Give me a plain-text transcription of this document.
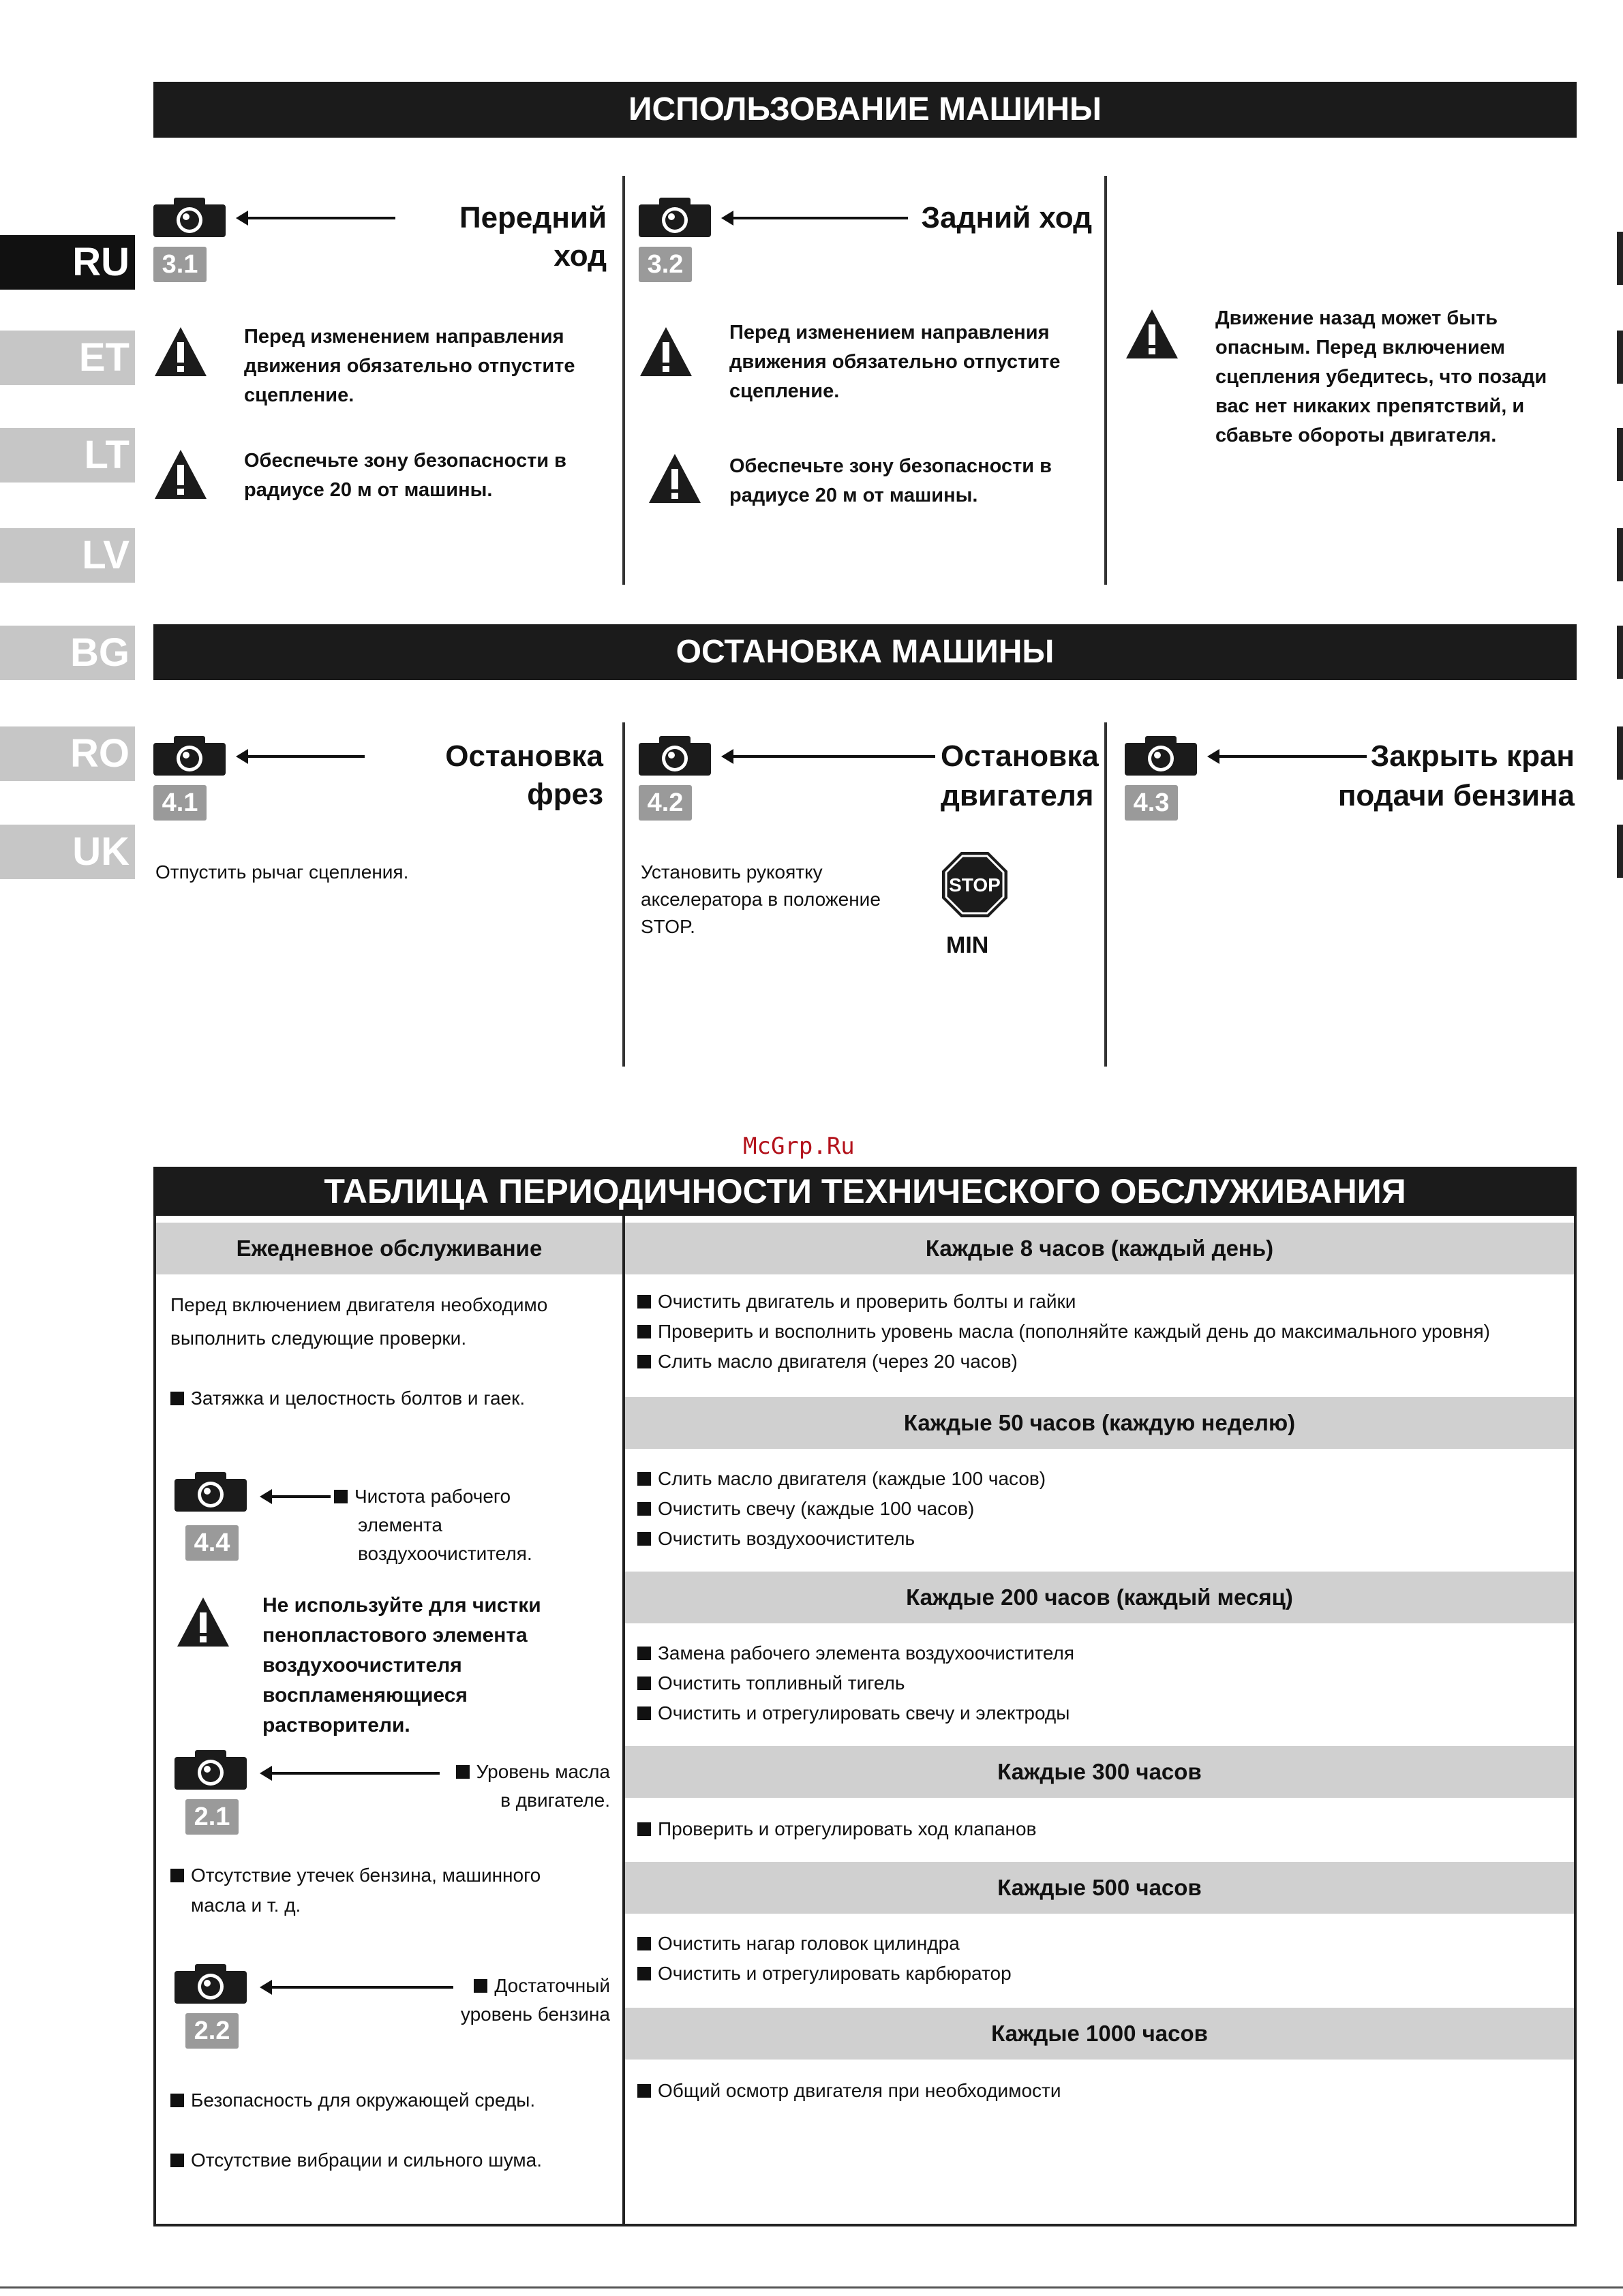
ИСПОЛЬЗОВАНИЕ МАШИНЫ
RU
ET
LT
LV
BG
RO
UK
3.1
Передний ход
Перед изменением направления движения обязательно отпустите сцепление.
Обеспечьте зону безопасности в радиусе 20 м от машины.
3.2
Задний ход
Перед изменением направления движения обязательно отпустите сцепление.
Обеспечьте зону безопасности в радиусе 20 м от машины.
Движение назад может быть опасным. Перед включением сцепления убедитесь, что позади вас нет никаких препятствий, и сбавьте обороты двигателя.
ОСТАНОВКА МАШИНЫ
4.1
Остановка фрез
Отпустить рычаг сцепления.
4.2
Остановка
двигателя
Установить рукоятку акселератора в положение STOP.
STOP
MIN
4.3
Закрыть кран
подачи бензина
McGrp.Ru
ТАБЛИЦА ПЕРИОДИЧНОСТИ ТЕХНИЧЕСКОГО ОБСЛУЖИВАНИЯ
Ежедневное обслуживание
Перед включением двигателя необходимо
выполнить следующие проверки.
Затяжка и целостность болтов и гаек.
4.4
Чистота рабочего
элемента
воздухоочистителя.
Не используйте для чистки пенопластового элемента воздухоочистителя воспламеняющиеся растворители.
2.1
Уровень масла
в двигателе.
Отсутствие утечек бензина, машинного
масла и т. д.
2.2
Достаточный
уровень бензина
Безопасность для окружающей среды.
Отсутствие вибрации и сильного шума.
Каждые 8 часов (каждый день)
Очистить двигатель и проверить болты и гайки
Проверить и восполнить уровень масла (пополняйте каждый день до максимального уровня)
Слить масло двигателя (через 20 часов)
Каждые 50 часов (каждую неделю)
Слить масло двигателя (каждые 100 часов)
Очистить свечу (каждые 100 часов)
Очистить воздухоочиститель
Каждые 200 часов (каждый месяц)
Замена рабочего элемента воздухоочистителя
Очистить топливный тигель
Очистить и отрегулировать свечу и электроды
Каждые 300 часов
Проверить и отрегулировать ход клапанов
Каждые 500 часов
Очистить нагар головок цилиндра
Очистить и отрегулировать карбюратор
Каждые 1000 часов
Общий осмотр двигателя при необходимости
